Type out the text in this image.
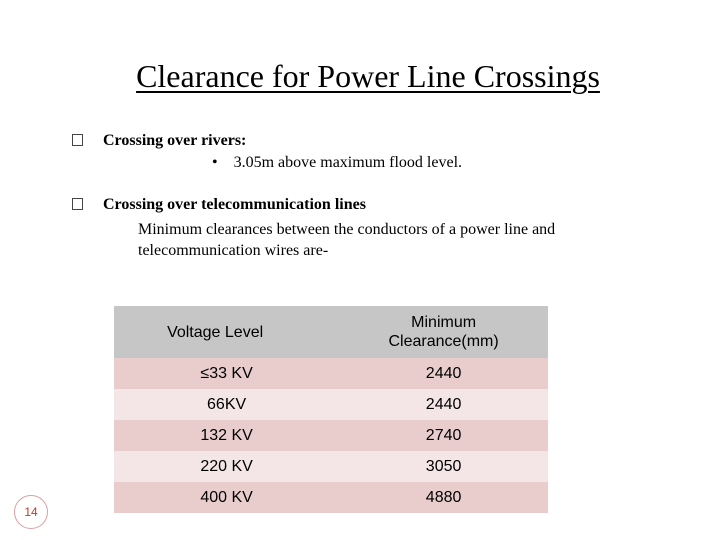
Clearance for Power Line Crossings
Crossing over rivers:
• 3.05m above maximum flood level.
Crossing over telecommunication lines
Minimum clearances between the conductors of a power line and
telecommunication wires are-
Voltage Level	Minimum
Clearance(mm)

≤33 KV	2440
66KV	2440
132 KV	2740
220 KV	3050
400 KV	4880
14
